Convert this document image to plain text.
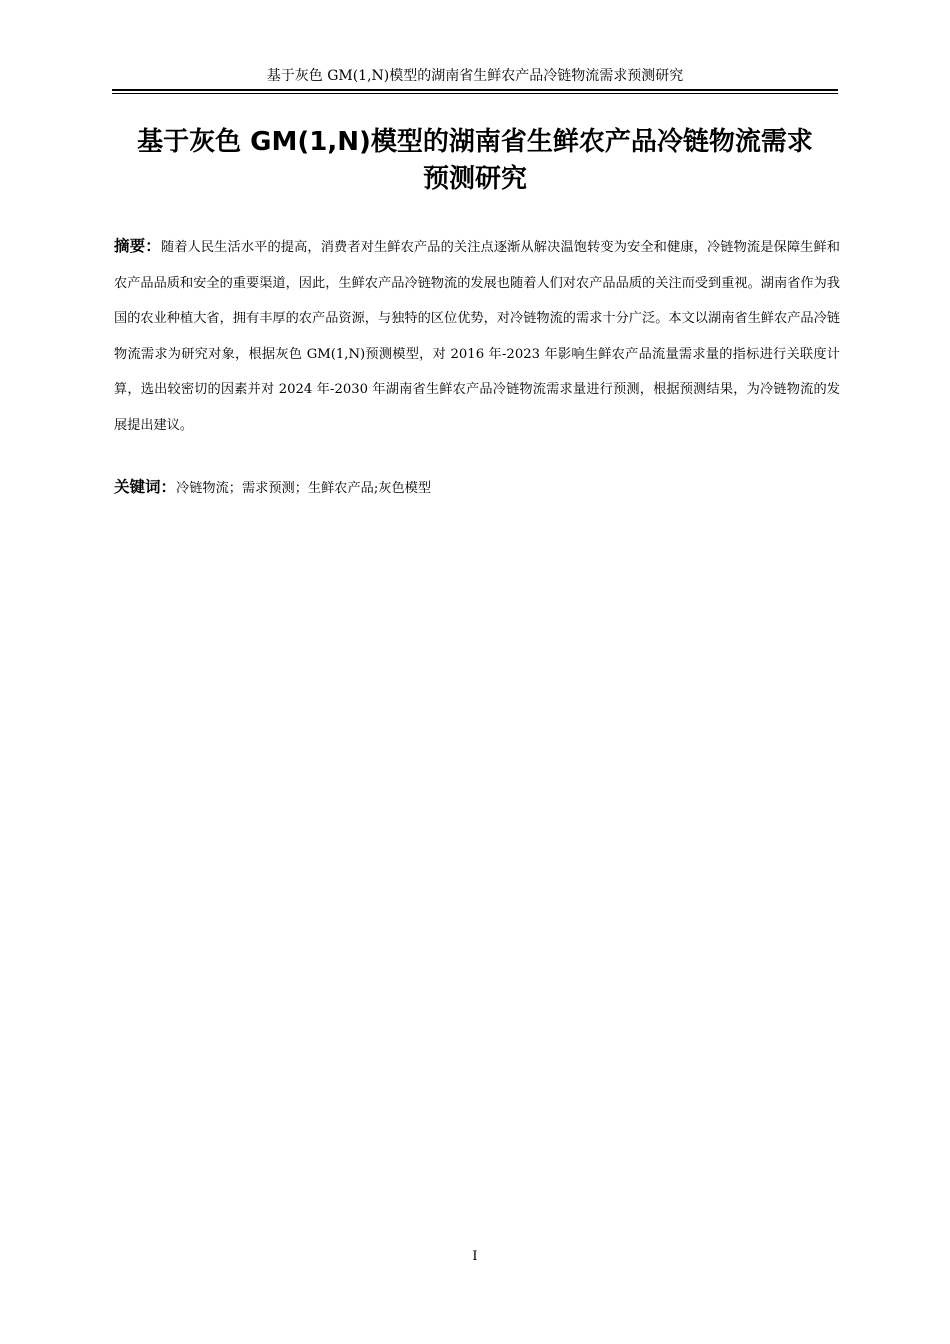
基于灰色 GM(1,N)模型的湖南省生鲜农产品冷链物流需求预测研究
基于灰色 GM(1,N)模型的湖南省生鲜农产品冷链物流需求
预测研究

摘要：随着人民生活水平的提高，消费者对生鲜农产品的关注点逐渐从解决温饱转变为安全和健康，冷链物流是保障生鲜和农产品品质和安全的重要渠道，因此，生鲜农产品冷链物流的发展也随着人们对农产品品质的关注而受到重视。湖南省作为我国的农业种植大省，拥有丰厚的农产品资源，与独特的区位优势，对冷链物流的需求十分广泛。本文以湖南省生鲜农产品冷链物流需求为研究对象，根据灰色 GM(1,N)预测模型，对 2016 年-2023 年影响生鲜农产品流量需求量的指标进行关联度计算，选出较密切的因素并对 2024 年-2030 年湖南省生鲜农产品冷链物流需求量进行预测，根据预测结果，为冷链物流的发展提出建议。

关键词：冷链物流；需求预测；生鲜农产品;灰色模型

I
